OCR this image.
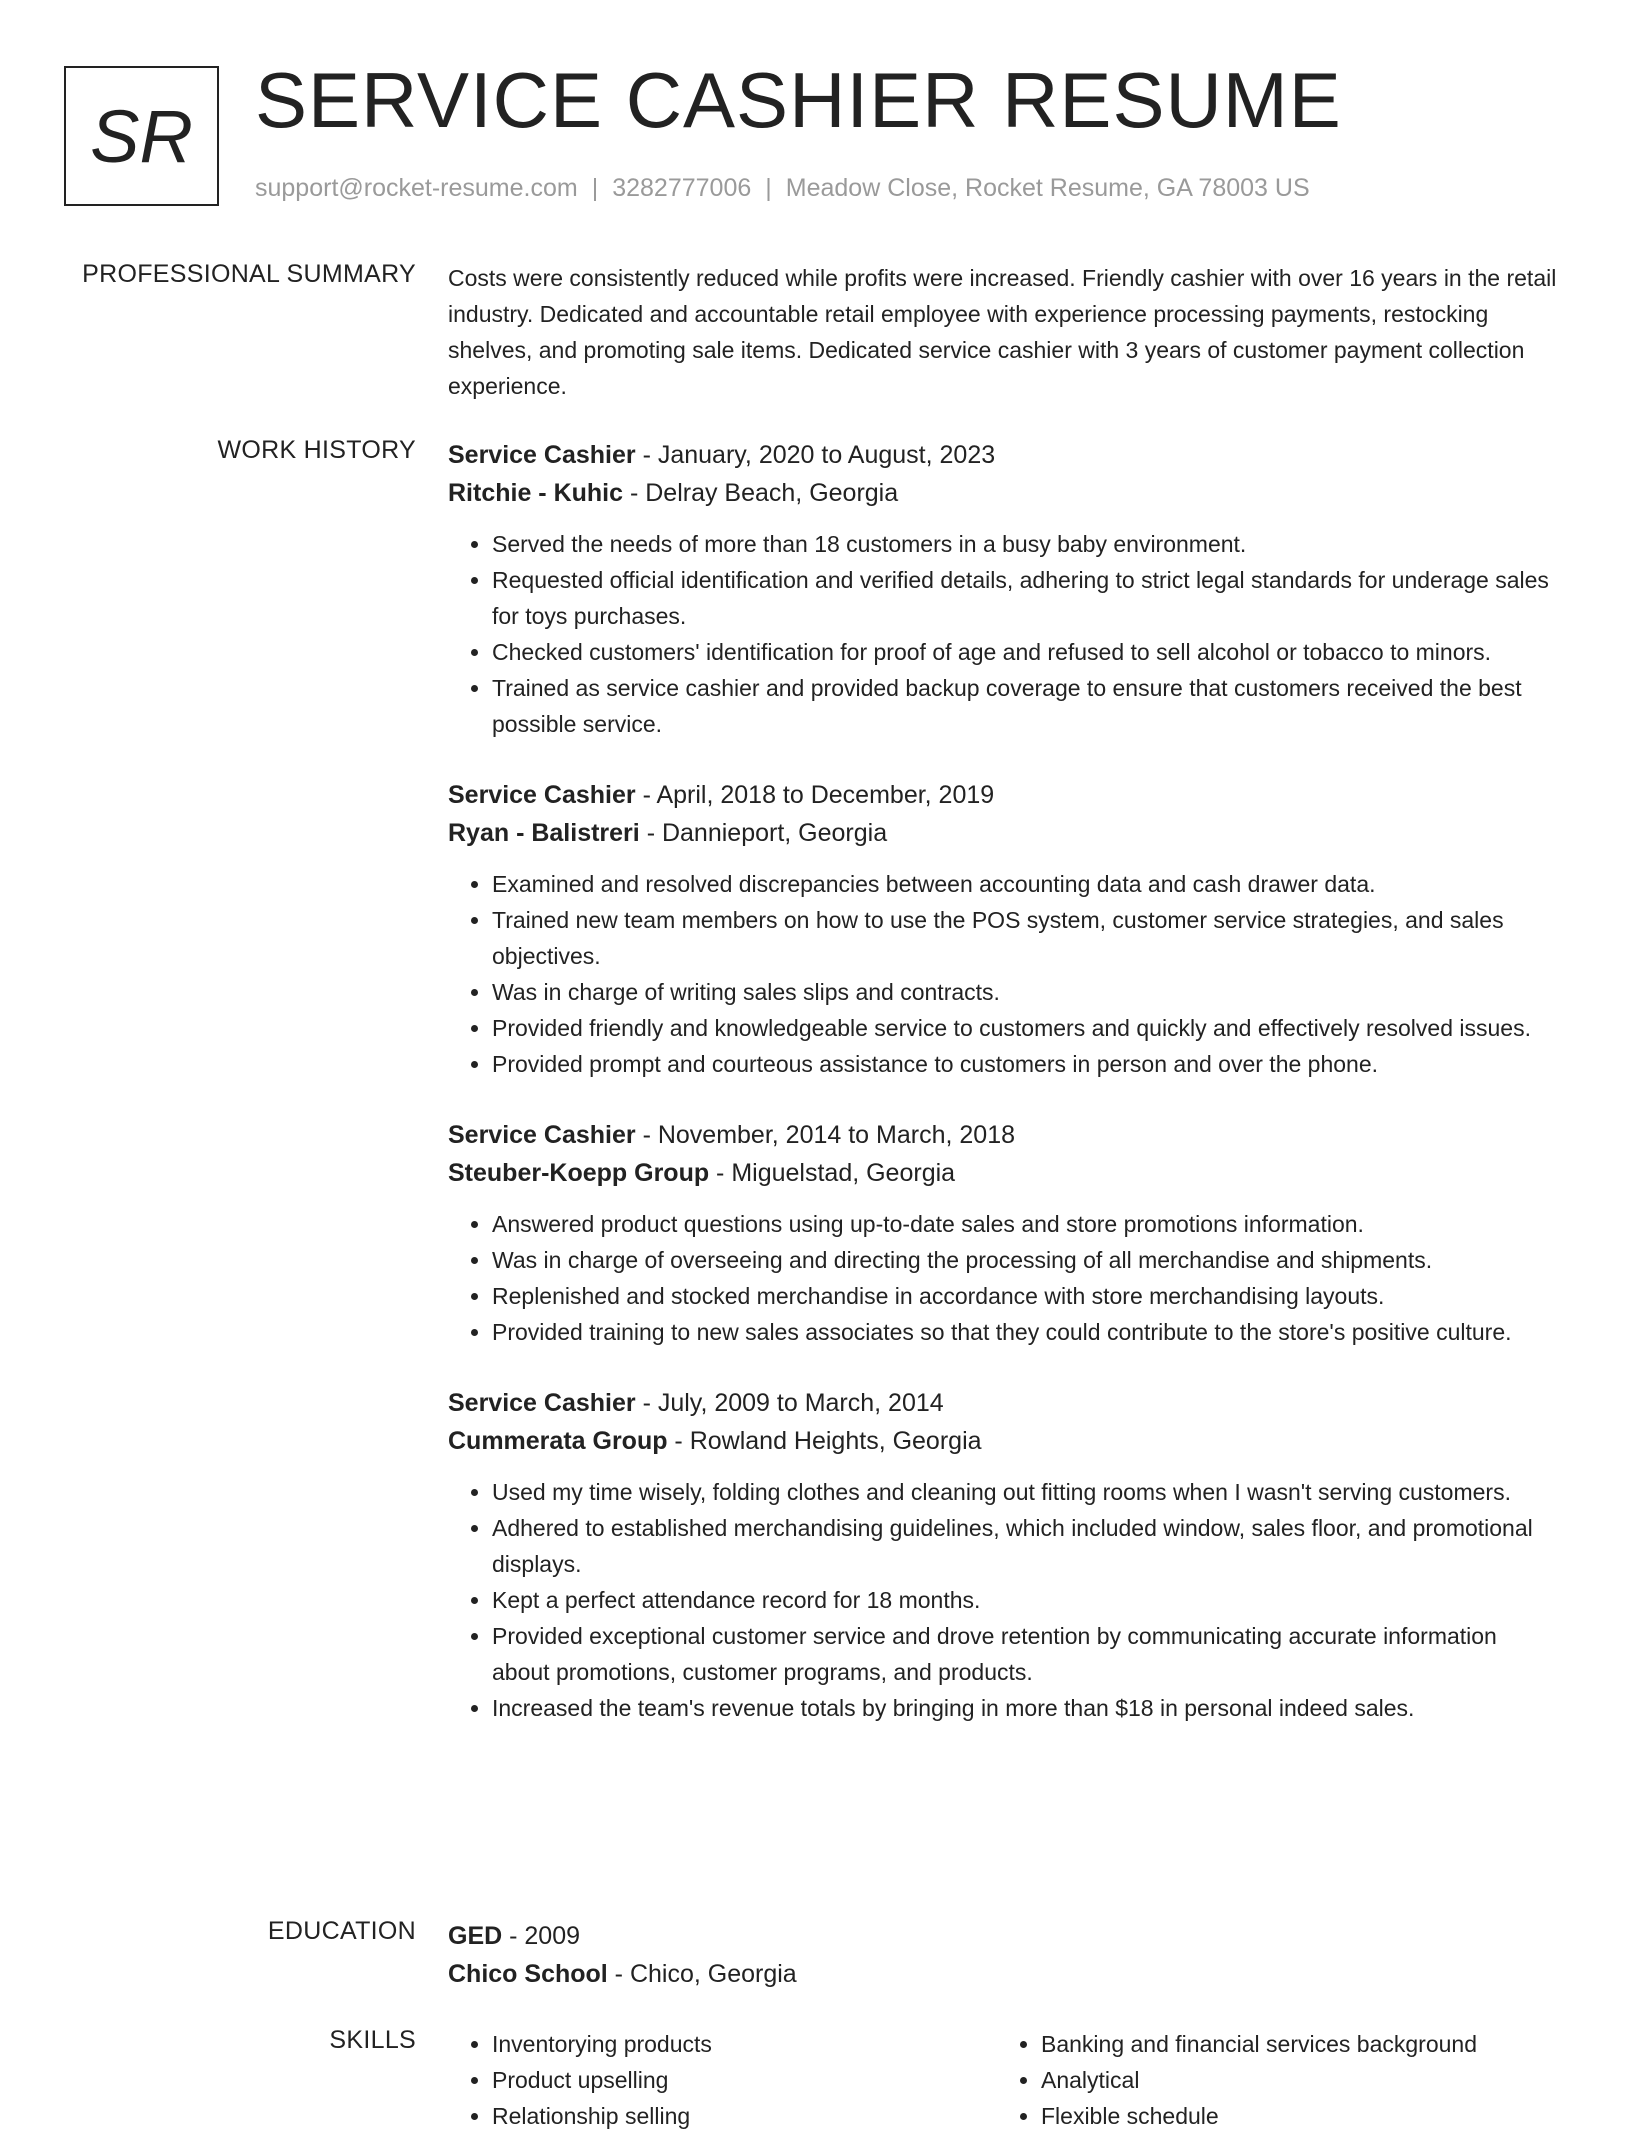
SR SERVICE CASHIER RESUME
support@rocket-resume.com | 3282777006 | Meadow Close, Rocket Resume, GA 78003 US
PROFESSIONAL SUMMARY Costs were consistently reduced while profits were increased. Friendly cashier with over 16 years in the retail industry. Dedicated and accountable retail employee with experience processing payments, restocking shelves, and promoting sale items. Dedicated service cashier with 3 years of customer payment collection experience.

WORK HISTORY Service Cashier - January, 2020 to August, 2023
Ritchie - Kuhic - Delray Beach, Georgia
• Served the needs of more than 18 customers in a busy baby environment.
• Requested official identification and verified details, adhering to strict legal standards for underage sales for toys purchases.
• Checked customers' identification for proof of age and refused to sell alcohol or tobacco to minors.
• Trained as service cashier and provided backup coverage to ensure that customers received the best possible service.
Service Cashier - April, 2018 to December, 2019
Ryan - Balistreri - Dannieport, Georgia
• Examined and resolved discrepancies between accounting data and cash drawer data.
• Trained new team members on how to use the POS system, customer service strategies, and sales objectives.
• Was in charge of writing sales slips and contracts.
• Provided friendly and knowledgeable service to customers and quickly and effectively resolved issues.
• Provided prompt and courteous assistance to customers in person and over the phone.
Service Cashier - November, 2014 to March, 2018
Steuber-Koepp Group - Miguelstad, Georgia
• Answered product questions using up-to-date sales and store promotions information.
• Was in charge of overseeing and directing the processing of all merchandise and shipments.
• Replenished and stocked merchandise in accordance with store merchandising layouts.
• Provided training to new sales associates so that they could contribute to the store's positive culture.
Service Cashier - July, 2009 to March, 2014
Cummerata Group - Rowland Heights, Georgia
• Used my time wisely, folding clothes and cleaning out fitting rooms when I wasn't serving customers.
• Adhered to established merchandising guidelines, which included window, sales floor, and promotional displays.
• Kept a perfect attendance record for 18 months.
• Provided exceptional customer service and drove retention by communicating accurate information about promotions, customer programs, and products.
• Increased the team's revenue totals by bringing in more than $18 in personal indeed sales.
EDUCATION GED - 2009
Chico School - Chico, Georgia
SKILLS
•	Inventorying products
• Product upselling
• Relationship selling
• Banking and financial services background
• Analytical
• Flexible schedule
